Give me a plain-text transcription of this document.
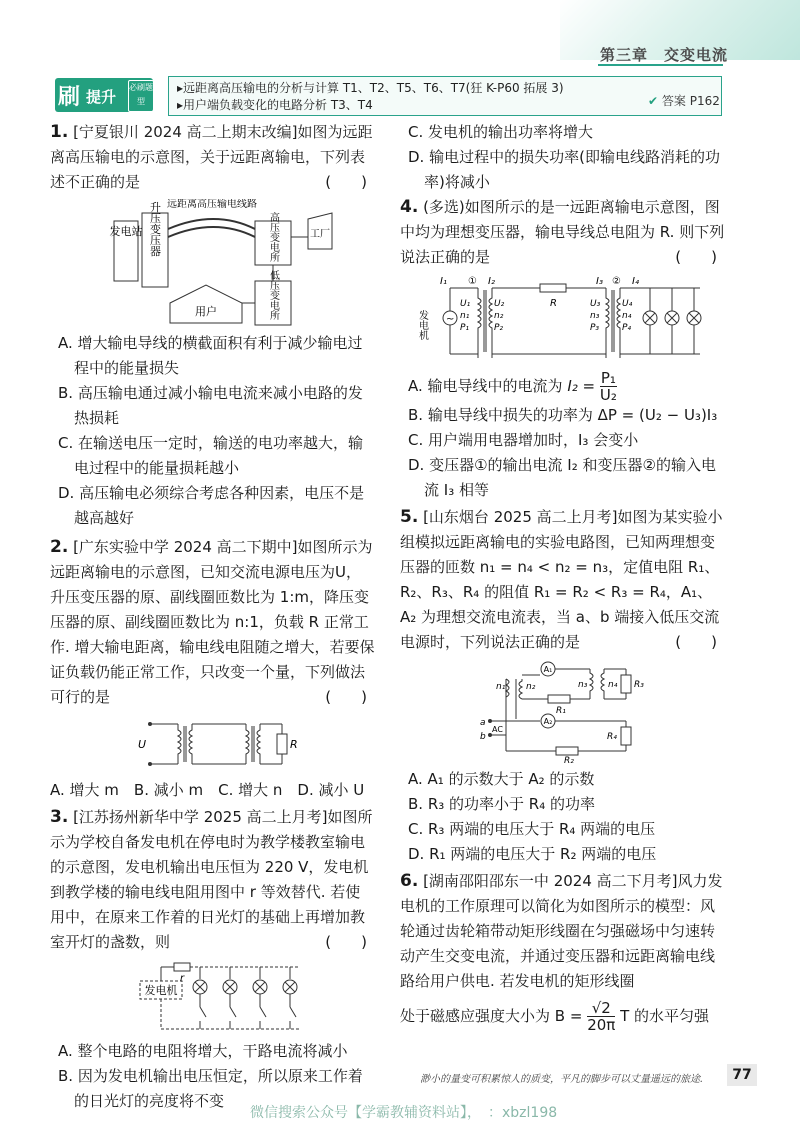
第三章　交变电流
刷 提升
必刷题型
▸远距离高压输电的分析与计算 T1、T2、T5、T6、T7(狂 K-P60 拓展 3)
▸用户端负载变化的电路分析 T3、T4	✔ 答案 P162

1. [宁夏银川 2024 高二上期末改编]如图为远距离高压输电的示意图，关于远距离输电，下列表述不正确的是	(　　)

发电站 升压变压器 远距离高压输电线路
高压变电所	工厂
低压变电所
用户

A. 增大输电导线的横截面积有利于减少输电过程中的能量损失

B. 高压输电通过减小输电电流来减小电路的发热损耗

C. 在输送电压一定时，输送的电功率越大，输电过程中的能量损耗越小

D. 高压输电必须综合考虑各种因素，电压不是越高越好

2. [广东实验中学 2024 高二下期中]如图所示为远距离输电的示意图，已知交流电源电压为U，升压变压器的原、副线圈匝数比为 1:m，降压变压器的原、副线圈匝数比为 n:1，负载 R 正常工作. 增大输电距离，输电线电阻随之增大，若要保证负载仍能正常工作，只改变一个量，下列做法可行的是	(　　)

U	R

A. 增大 m　B. 减小 m　C. 增大 n　D. 减小 U

3. [江苏扬州新华中学 2025 高二上月考]如图所示为学校自备发电机在停电时为教学楼教室输电的示意图，发电机输出电压恒为 220 V，发电机到教学楼的输电线电阻用图中 r 等效替代. 若使用中，在原来工作着的日光灯的基础上再增加教室开灯的盏数，则	(　　)

发电机
r

A. 整个电路的电阻将增大，干路电流将减小

B. 因为发电机输出电压恒定，所以原来工作着的日光灯的亮度将不变

C. 发电机的输出功率将增大

D. 输电过程中的损失功率(即输电线路消耗的功率)将减小

4. (多选)如图所示的是一远距离输电示意图，图中均为理想变压器，输电导线总电阻为 R. 则下列说法正确的是	(　　)

I₁ ① I₂
R
I₃ ② I₄
发电机 ~
U₁
n₁
P₁
U₂
n₂
P₂
U₃
n₃
P₃
U₄
n₄
P₄

A. 输电导线中的电流为 $I_2 = \frac{\text{P₁}}{\text{U₂}}$

B. 输电导线中损失的功率为 ΔP = (U₂ − U₃)I₃

C. 用户端用电器增加时，I₃ 会变小

D. 变压器①的输出电流 I₂ 和变压器②的输入电流 I₃ 相等

5. [山东烟台 2025 高二上月考]如图为某实验小组模拟远距离输电的实验电路图，已知两理想变压器的匝数 n₁ = n₄ < n₂ = n₃，定值电阻 R₁、R₂、R₃、R₄ 的阻值 R₁ = R₂ < R₃ = R₄，A₁、A₂ 为理想交流电流表，当 a、b 端接入低压交流电源时，下列说法正确的是	(　　)

n₁ n₂
A₁
R₁
n₃ n₄ R₃
a
b
AC
A₂
R₄
R₂

A. A₁ 的示数大于 A₂ 的示数

B. R₃ 的功率小于 R₄ 的功率

C. R₃ 两端的电压大于 R₄ 两端的电压

D. R₁ 两端的电压大于 R₂ 两端的电压

6. [湖南邵阳邵东一中 2024 高二下月考]风力发电机的工作原理可以简化为如图所示的模型：风轮通过齿轮箱带动矩形线圈在匀强磁场中匀速转动产生交变电流，并通过变压器和远距离输电线路给用户供电. 若发电机的矩形线圈

处于磁感应强度大小为 $B = \frac{√2}{20\pi}$ T 的水平匀强

渺小的量变可积累惊人的质变，平凡的脚步可以丈量遥远的旅途.	77
微信搜索公众号【学霸教辅资料站】，　：xbzl198
